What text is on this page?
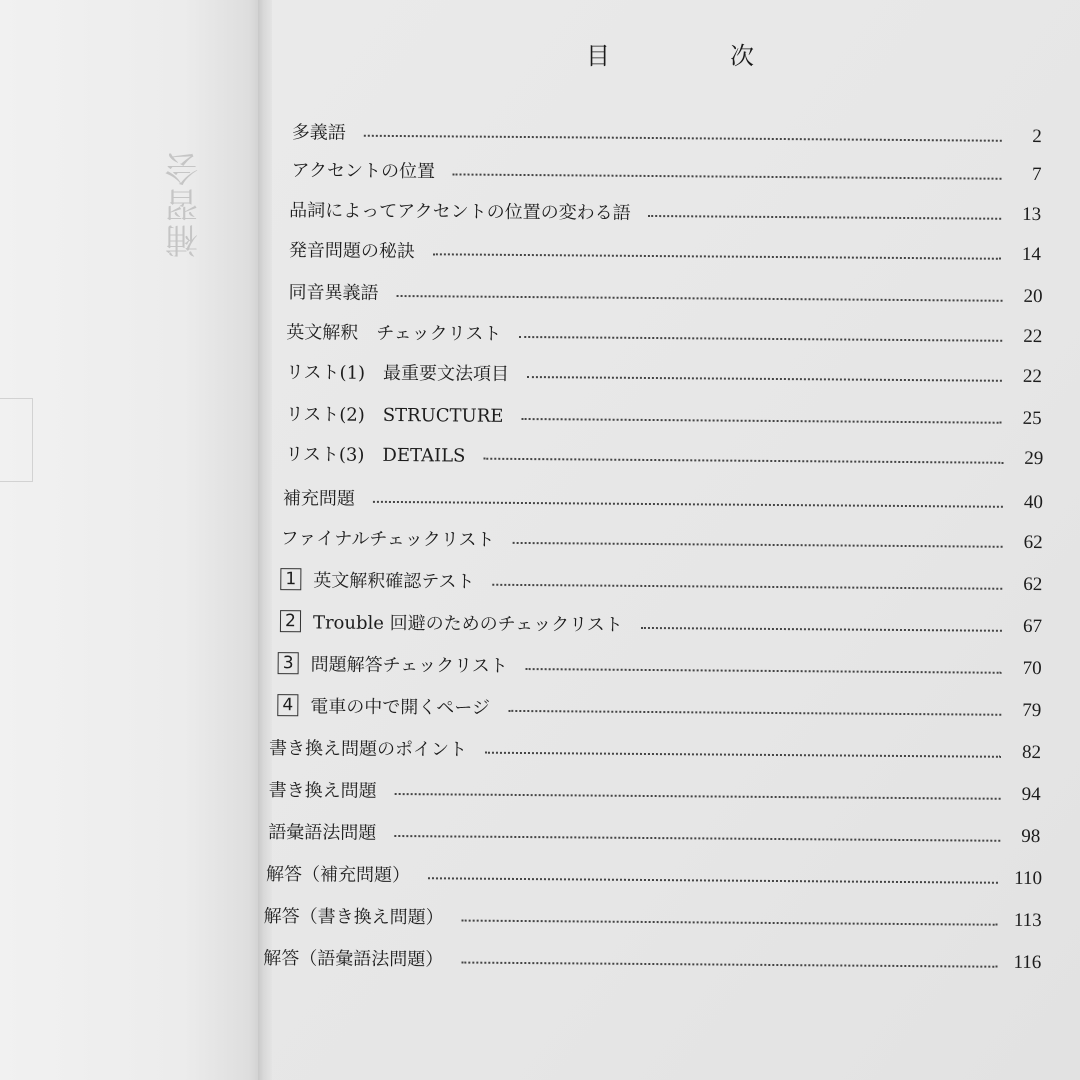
補習会
目　次
多義語	2
アクセントの位置	7
品詞によってアクセントの位置の変わる語	13
発音問題の秘訣	14
同音異義語	20
英文解釈　チェックリスト	22
リスト(1)　最重要文法項目	22
リスト(2)　STRUCTURE	25
リスト(3)　DETAILS	29
補充問題	40
ファイナルチェックリスト	62
1 英文解釈確認テスト	62
2 Trouble 回避のためのチェックリスト	67
3 問題解答チェックリスト	70
4 電車の中で開くページ	79
書き換え問題のポイント	82
書き換え問題	94
語彙語法問題	98
解答（補充問題）	110
解答（書き換え問題）	113
解答（語彙語法問題）	116
